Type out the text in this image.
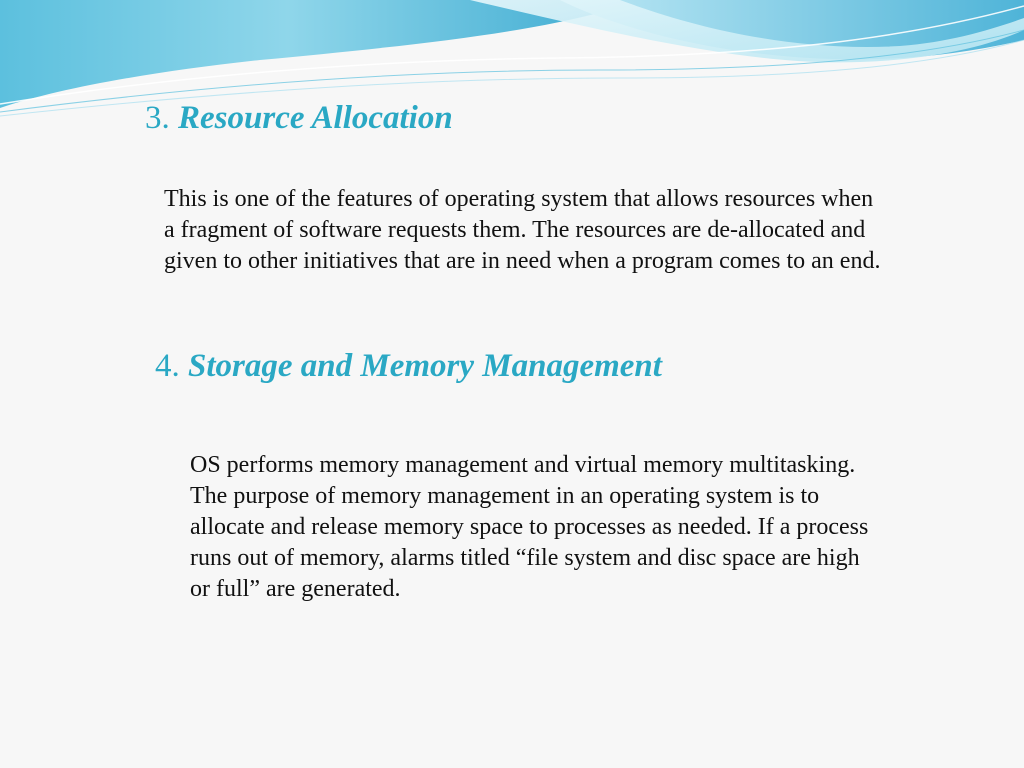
3. Resource Allocation

This is one of the features of operating system that allows resources when a fragment of software requests them. The resources are de-allocated and given to other initiatives that are in need when a program comes to an end.

4. Storage and Memory Management

OS performs memory management and virtual memory multitasking. The purpose of memory management in an operating system is to allocate and release memory space to processes as needed. If a process runs out of memory, alarms titled “file system and disc space are high or full” are generated.
